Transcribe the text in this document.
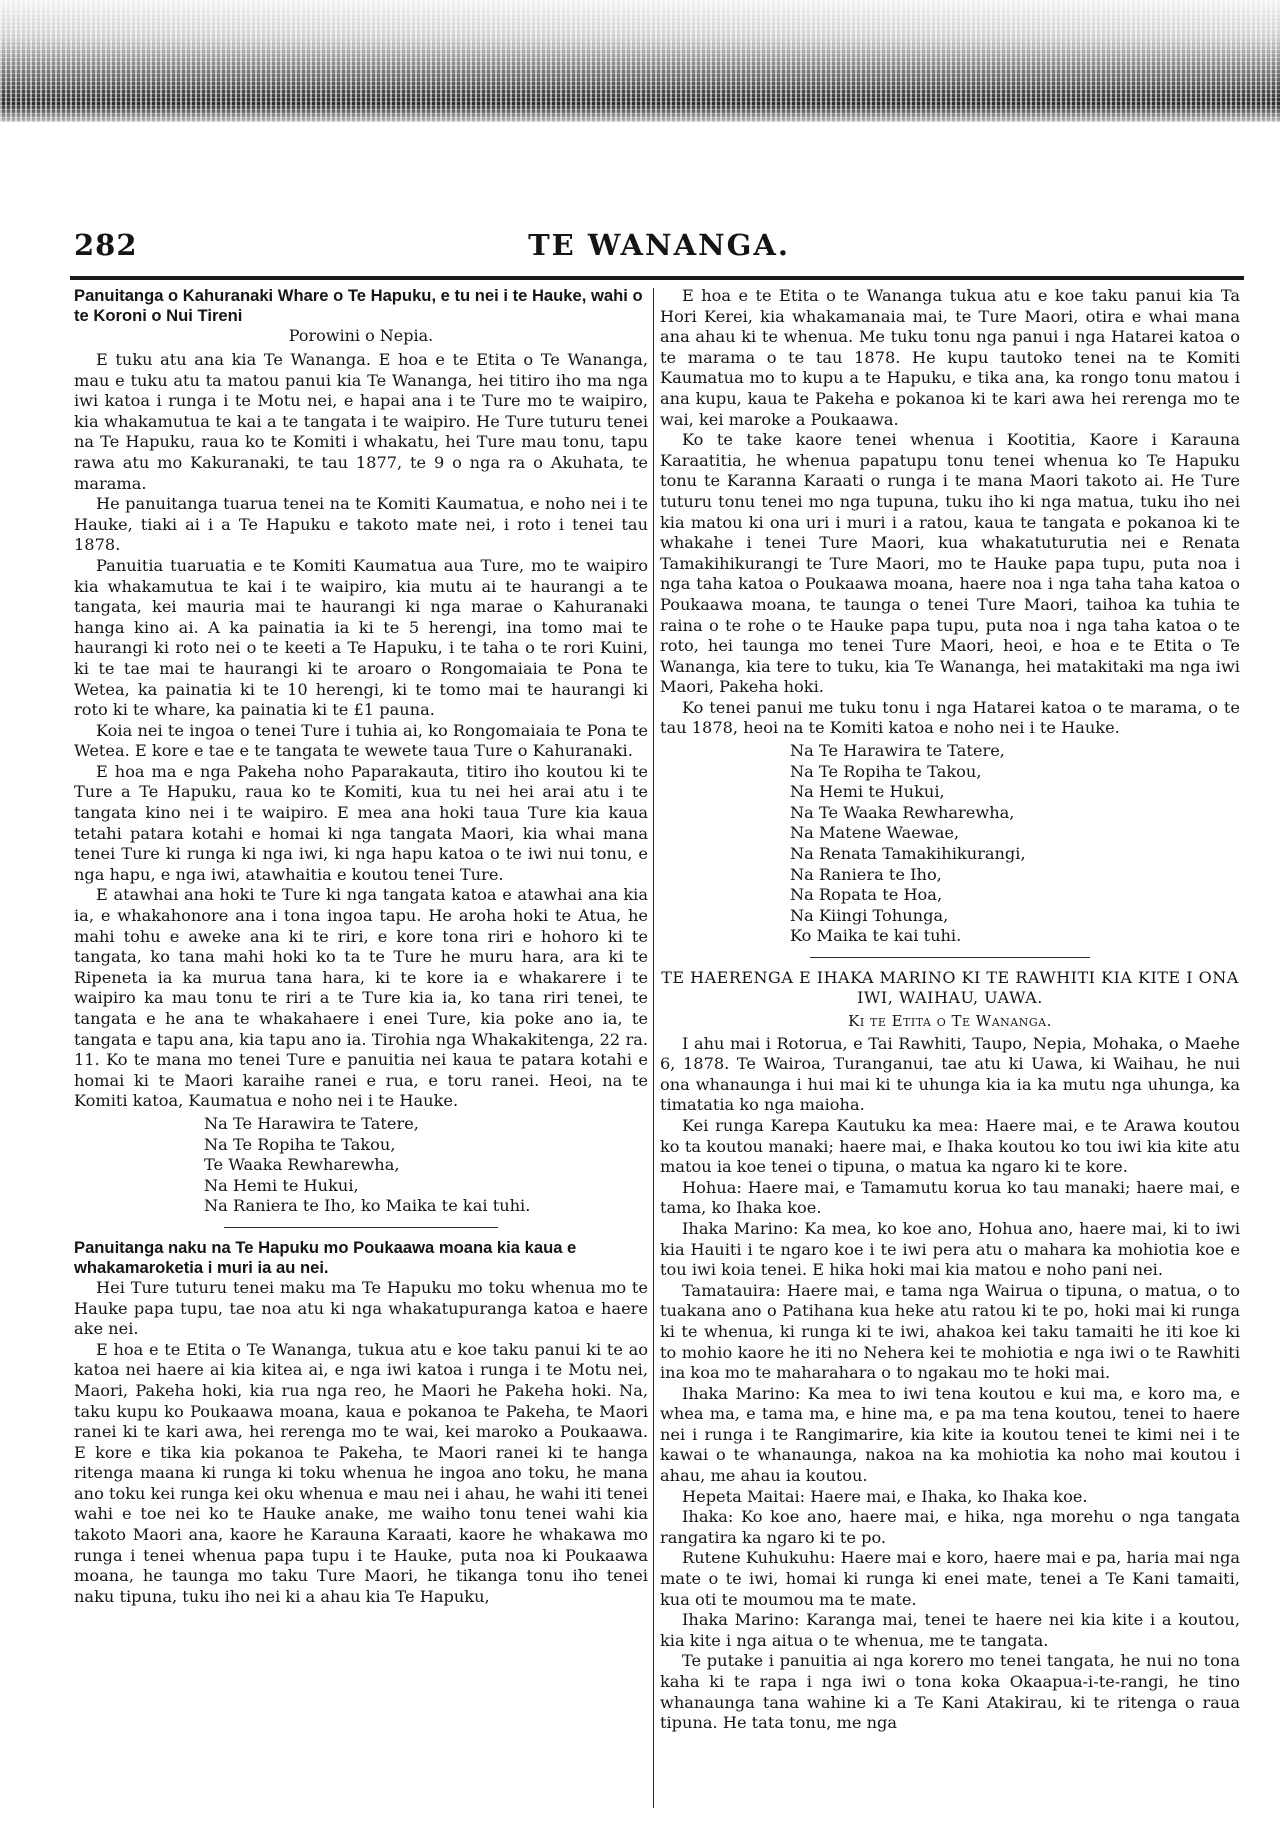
282	TE WANANGA.
Panuitanga o Kahuranaki Whare o Te Hapuku, e tu nei i te Hauke, wahi o te Koroni o Nui Tireni
Porowini o Nepia.

E tuku atu ana kia Te Wananga. E hoa e te Etita o Te Wananga, mau e tuku atu ta matou panui kia Te Wananga, hei titiro iho ma nga iwi katoa i runga i te Motu nei, e hapai ana i te Ture mo te waipiro, kia whakamutua te kai a te tangata i te waipiro. He Ture tuturu tenei na Te Hapuku, raua ko te Komiti i whakatu, hei Ture mau tonu, tapu rawa atu mo Kakuranaki, te tau 1877, te 9 o nga ra o Akuhata, te marama.

He panuitanga tuarua tenei na te Komiti Kaumatua, e noho nei i te Hauke, tiaki ai i a Te Hapuku e takoto mate nei, i roto i tenei tau 1878.

Panuitia tuaruatia e te Komiti Kaumatua aua Ture, mo te waipiro kia whakamutua te kai i te waipiro, kia mutu ai te haurangi a te tangata, kei mauria mai te haurangi ki nga marae o Kahuranaki hanga kino ai. A ka painatia ia ki te 5 herengi, ina tomo mai te haurangi ki roto nei o te keeti a Te Hapuku, i te taha o te rori Kuini, ki te tae mai te haurangi ki te aroaro o Rongomaiaia te Pona te Wetea, ka painatia ki te 10 herengi, ki te tomo mai te haurangi ki roto ki te whare, ka painatia ki te £1 pauna.

Koia nei te ingoa o tenei Ture i tuhia ai, ko Rongomaiaia te Pona te Wetea. E kore e tae e te tangata te wewete taua Ture o Kahuranaki.

E hoa ma e nga Pakeha noho Paparakauta, titiro iho koutou ki te Ture a Te Hapuku, raua ko te Komiti, kua tu nei hei arai atu i te tangata kino nei i te waipiro. E mea ana hoki taua Ture kia kaua tetahi patara kotahi e homai ki nga tangata Maori, kia whai mana tenei Ture ki runga ki nga iwi, ki nga hapu katoa o te iwi nui tonu, e nga hapu, e nga iwi, atawhaitia e koutou tenei Ture.

E atawhai ana hoki te Ture ki nga tangata katoa e atawhai ana kia ia, e whakahonore ana i tona ingoa tapu. He aroha hoki te Atua, he mahi tohu e aweke ana ki te riri, e kore tona riri e hohoro ki te tangata, ko tana mahi hoki ko ta te Ture he muru hara, ara ki te Ripeneta ia ka murua tana hara, ki te kore ia e whakarere i te waipiro ka mau tonu te riri a te Ture kia ia, ko tana riri tenei, te tangata e he ana te whakahaere i enei Ture, kia poke ano ia, te tangata e tapu ana, kia tapu ano ia. Tirohia nga Whakakitenga, 22 ra. 11. Ko te mana mo tenei Ture e panuitia nei kaua te patara kotahi e homai ki te Maori karaihe ranei e rua, e toru ranei. Heoi, na te Komiti katoa, Kaumatua e noho nei i te Hauke.

Na Te Harawira te Tatere,
Na Te Ropiha te Takou,
Te Waaka Rewharewha,
Na Hemi te Hukui,
Na Raniera te Iho, ko Maika te kai tuhi.
Panuitanga naku na Te Hapuku mo Poukaawa moana kia kaua e whakamaroketia i muri ia au nei.

Hei Ture tuturu tenei maku ma Te Hapuku mo toku whenua mo te Hauke papa tupu, tae noa atu ki nga whakatupuranga katoa e haere ake nei.

E hoa e te Etita o Te Wananga, tukua atu e koe taku panui ki te ao katoa nei haere ai kia kitea ai, e nga iwi katoa i runga i te Motu nei, Maori, Pakeha hoki, kia rua nga reo, he Maori he Pakeha hoki. Na, taku kupu ko Poukaawa moana, kaua e pokanoa te Pakeha, te Maori ranei ki te kari awa, hei rerenga mo te wai, kei maroko a Poukaawa. E kore e tika kia pokanoa te Pakeha, te Maori ranei ki te hanga ritenga maana ki runga ki toku whenua he ingoa ano toku, he mana ano toku kei runga kei oku whenua e mau nei i ahau, he wahi iti tenei wahi e toe nei ko te Hauke anake, me waiho tonu tenei wahi kia takoto Maori ana, kaore he Karauna Karaati, kaore he whakawa mo runga i tenei whenua papa tupu i te Hauke, puta noa ki Poukaawa moana, he taunga mo taku Ture Maori, he tikanga tonu iho tenei naku tipuna, tuku iho nei ki a ahau kia Te Hapuku,

E hoa e te Etita o te Wananga tukua atu e koe taku panui kia Ta Hori Kerei, kia whakamanaia mai, te Ture Maori, otira e whai mana ana ahau ki te whenua. Me tuku tonu nga panui i nga Hatarei katoa o te marama o te tau 1878. He kupu tautoko tenei na te Komiti Kaumatua mo to kupu a te Hapuku, e tika ana, ka rongo tonu matou i ana kupu, kaua te Pakeha e pokanoa ki te kari awa hei rerenga mo te wai, kei maroke a Poukaawa.

Ko te take kaore tenei whenua i Kootitia, Kaore i Karauna Karaatitia, he whenua papatupu tonu tenei whenua ko Te Hapuku tonu te Karanna Karaati o runga i te mana Maori takoto ai. He Ture tuturu tonu tenei mo nga tupuna, tuku iho ki nga matua, tuku iho nei kia matou ki ona uri i muri i a ratou, kaua te tangata e pokanoa ki te whakahe i tenei Ture Maori, kua whakatuturutia nei e Renata Tamakihikurangi te Ture Maori, mo te Hauke papa tupu, puta noa i nga taha katoa o Poukaawa moana, haere noa i nga taha taha katoa o Poukaawa moana, te taunga o tenei Ture Maori, taihoa ka tuhia te raina o te rohe o te Hauke papa tupu, puta noa i nga taha katoa o te roto, hei taunga mo tenei Ture Maori, heoi, e hoa e te Etita o Te Wananga, kia tere to tuku, kia Te Wananga, hei matakitaki ma nga iwi Maori, Pakeha hoki.

Ko tenei panui me tuku tonu i nga Hatarei katoa o te marama, o te tau 1878, heoi na te Komiti katoa e noho nei i te Hauke.

Na Te Harawira te Tatere,
Na Te Ropiha te Takou,
Na Hemi te Hukui,
Na Te Waaka Rewharewha,
Na Matene Waewae,
Na Renata Tamakihikurangi,
Na Raniera te Iho,
Na Ropata te Hoa,
Na Kiingi Tohunga,
Ko Maika te kai tuhi.
TE HAERENGA E IHAKA MARINO KI TE RAWHITI KIA KITE I ONA IWI, WAIHAU, UAWA.
Ki te Etita o Te Wananga.

I ahu mai i Rotorua, e Tai Rawhiti, Taupo, Nepia, Mohaka, o Maehe 6, 1878. Te Wairoa, Turanganui, tae atu ki Uawa, ki Waihau, he nui ona whanaunga i hui mai ki te uhunga kia ia ka mutu nga uhunga, ka timatatia ko nga maioha.

Kei runga Karepa Kautuku ka mea: Haere mai, e te Arawa koutou ko ta koutou manaki; haere mai, e Ihaka koutou ko tou iwi kia kite atu matou ia koe tenei o tipuna, o matua ka ngaro ki te kore.

Hohua: Haere mai, e Tamamutu korua ko tau manaki; haere mai, e tama, ko Ihaka koe.

Ihaka Marino: Ka mea, ko koe ano, Hohua ano, haere mai, ki to iwi kia Hauiti i te ngaro koe i te iwi pera atu o mahara ka mohiotia koe e tou iwi koia tenei. E hika hoki mai kia matou e noho pani nei.

Tamatauira: Haere mai, e tama nga Wairua o tipuna, o matua, o to tuakana ano o Patihana kua heke atu ratou ki te po, hoki mai ki runga ki te whenua, ki runga ki te iwi, ahakoa kei taku tamaiti he iti koe ki to mohio kaore he iti no Nehera kei te mohiotia e nga iwi o te Rawhiti ina koa mo te maharahara o to ngakau mo te hoki mai.

Ihaka Marino: Ka mea to iwi tena koutou e kui ma, e koro ma, e whea ma, e tama ma, e hine ma, e pa ma tena koutou, tenei to haere nei i runga i te Rangimarire, kia kite ia koutou tenei te kimi nei i te kawai o te whanaunga, nakoa na ka mohiotia ka noho mai koutou i ahau, me ahau ia koutou.

Hepeta Maitai: Haere mai, e Ihaka, ko Ihaka koe.

Ihaka: Ko koe ano, haere mai, e hika, nga morehu o nga tangata rangatira ka ngaro ki te po.

Rutene Kuhukuhu: Haere mai e koro, haere mai e pa, haria mai nga mate o te iwi, homai ki runga ki enei mate, tenei a Te Kani tamaiti, kua oti te moumou ma te mate.

Ihaka Marino: Karanga mai, tenei te haere nei kia kite i a koutou, kia kite i nga aitua o te whenua, me te tangata.

Te putake i panuitia ai nga korero mo tenei tangata, he nui no tona kaha ki te rapa i nga iwi o tona koka Okaapua-i-te-rangi, he tino whanaunga tana wahine ki a Te Kani Atakirau, ki te ritenga o raua tipuna. He tata tonu, me nga
